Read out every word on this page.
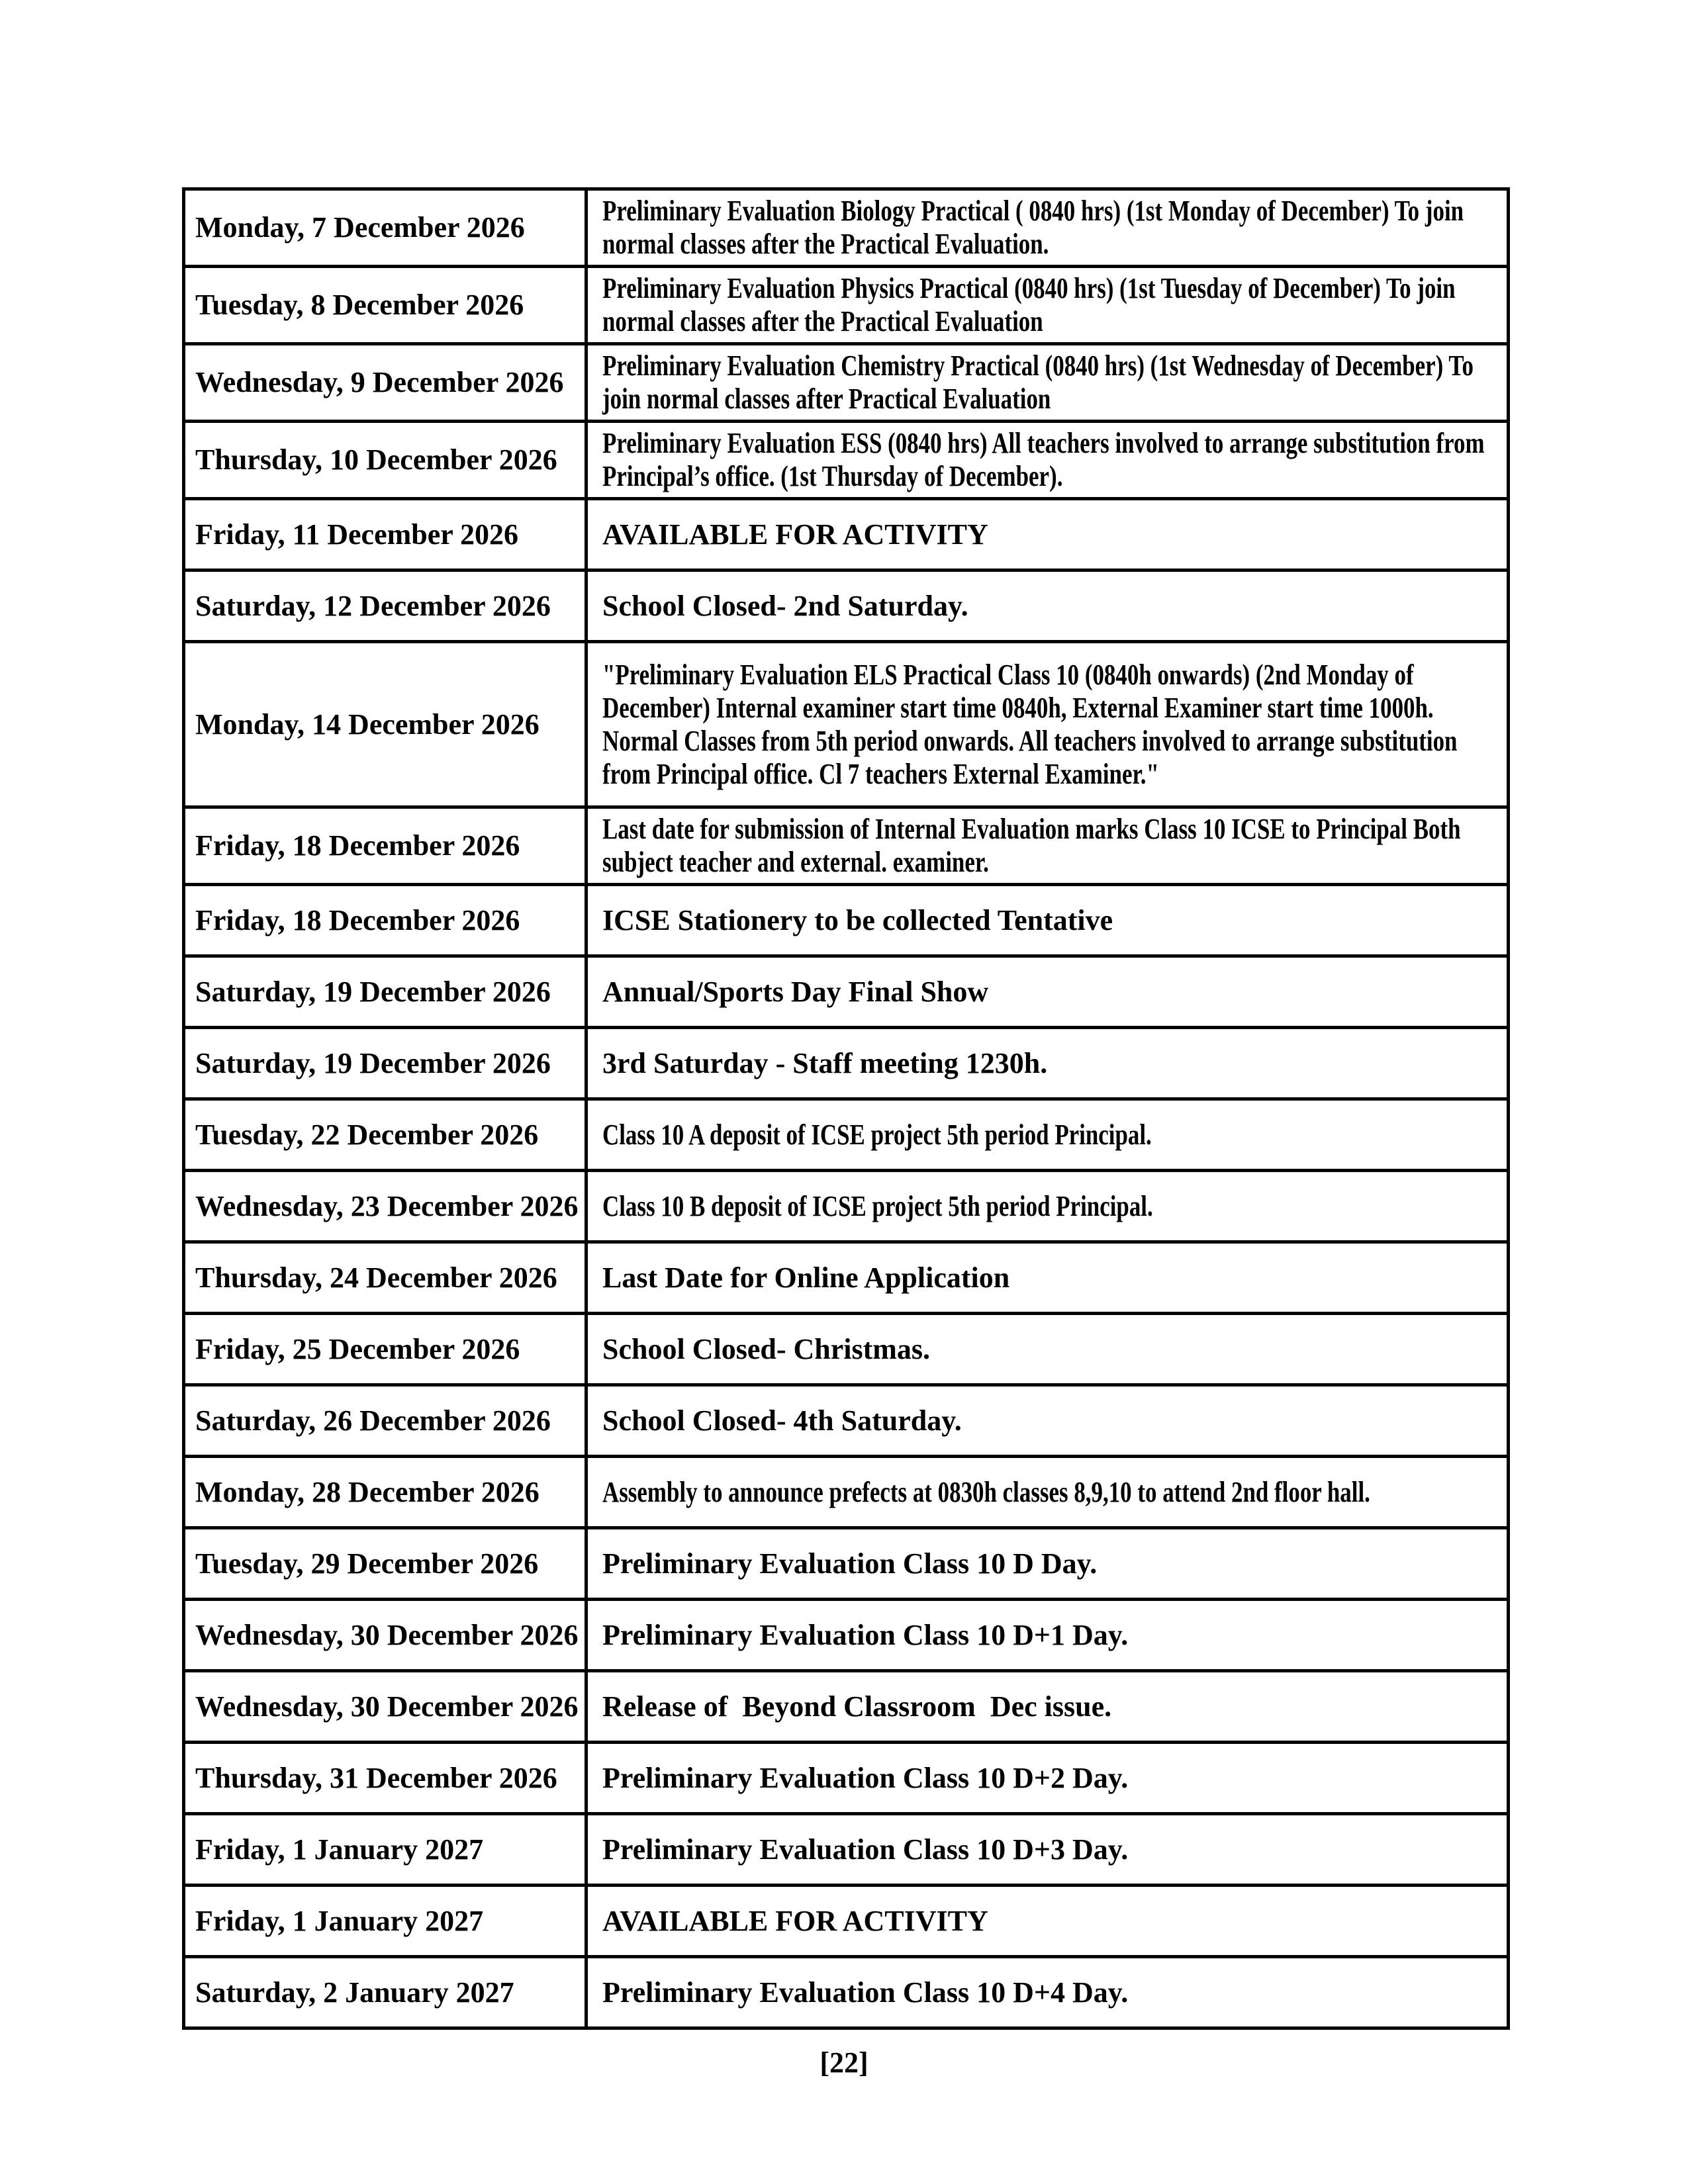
Monday, 7 December 2026	Preliminary Evaluation Biology Practical ( 0840 hrs) (1st Monday of December) To join normal classes after the Practical Evaluation.

Tuesday, 8 December 2026	Preliminary Evaluation Physics Practical (0840 hrs) (1st Tuesday of December) To join normal classes after the Practical Evaluation

Wednesday, 9 December 2026	Preliminary Evaluation Chemistry Practical (0840 hrs) (1st Wednesday of December) To join normal classes after Practical Evaluation

Thursday, 10 December 2026	Preliminary Evaluation ESS (0840 hrs) All teachers involved to arrange substitution from Principal’s office. (1st Thursday of December).

Friday, 11 December 2026	AVAILABLE FOR ACTIVITY

Saturday, 12 December 2026	School Closed- 2nd Saturday.

Monday, 14 December 2026	"Preliminary Evaluation ELS Practical Class 10 (0840h onwards) (2nd Monday of December) Internal examiner start time 0840h, External Examiner start time 1000h. Normal Classes from 5th period onwards. All teachers involved to arrange substitution from Principal office. Cl 7 teachers External Examiner."

Friday, 18 December 2026	Last date for submission of Internal Evaluation marks Class 10 ICSE to Principal Both subject teacher and external. examiner.

Friday, 18 December 2026	ICSE Stationery to be collected Tentative

Saturday, 19 December 2026	Annual/Sports Day Final Show

Saturday, 19 December 2026	3rd Saturday - Staff meeting 1230h.

Tuesday, 22 December 2026	Class 10 A deposit of ICSE project 5th period Principal.

Wednesday, 23 December 2026	Class 10 B deposit of ICSE project 5th period Principal.

Thursday, 24 December 2026	Last Date for Online Application

Friday, 25 December 2026	School Closed- Christmas.

Saturday, 26 December 2026	School Closed- 4th Saturday.

Monday, 28 December 2026	Assembly to announce prefects at 0830h classes 8,9,10 to attend 2nd floor hall.

Tuesday, 29 December 2026	Preliminary Evaluation Class 10 D Day.

Wednesday, 30 December 2026	Preliminary Evaluation Class 10 D+1 Day.

Wednesday, 30 December 2026	Release of  Beyond Classroom  Dec issue.

Thursday, 31 December 2026	Preliminary Evaluation Class 10 D+2 Day.

Friday, 1 January 2027	Preliminary Evaluation Class 10 D+3 Day.

Friday, 1 January 2027	AVAILABLE FOR ACTIVITY

Saturday, 2 January 2027	Preliminary Evaluation Class 10 D+4 Day.
[22]
